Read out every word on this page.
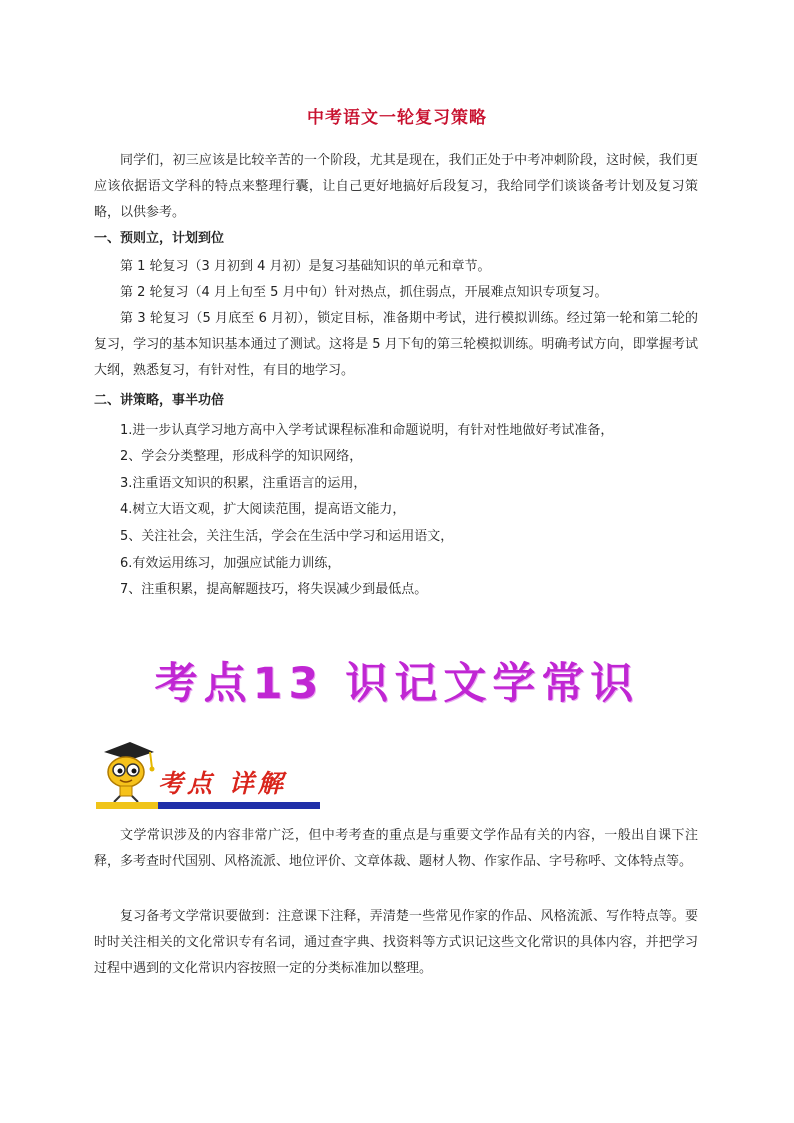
中考语文一轮复习策略

同学们，初三应该是比较辛苦的一个阶段，尤其是现在，我们正处于中考冲刺阶段，这时候，我们更应该依据语文学科的特点来整理行囊，让自己更好地搞好后段复习，我给同学们谈谈备考计划及复习策略，以供参考。

一、预则立，计划到位

第 1 轮复习（3 月初到 4 月初）是复习基础知识的单元和章节。

第 2 轮复习（4 月上旬至 5 月中旬）针对热点，抓住弱点，开展难点知识专项复习。

第 3 轮复习（5 月底至 6 月初），锁定目标，准备期中考试，进行模拟训练。经过第一轮和第二轮的复习，学习的基本知识基本通过了测试。这将是 5 月下旬的第三轮模拟训练。明确考试方向，即掌握考试大纲，熟悉复习，有针对性，有目的地学习。

二、讲策略，事半功倍

1.进一步认真学习地方高中入学考试课程标准和命题说明，有针对性地做好考试准备，

2、学会分类整理，形成科学的知识网络，

3.注重语文知识的积累，注重语言的运用，

4.树立大语文观，扩大阅读范围，提高语文能力，

5、关注社会，关注生活，学会在生活中学习和运用语文，

6.有效运用练习，加强应试能力训练，

7、注重积累，提高解题技巧，将失误减少到最低点。

考点13 识记文学常识
考点 详解

文学常识涉及的内容非常广泛，但中考考查的重点是与重要文学作品有关的内容，一般出自课下注释，多考查时代国别、风格流派、地位评价、文章体裁、题材人物、作家作品、字号称呼、文体特点等。

复习备考文学常识要做到：注意课下注释，弄清楚一些常见作家的作品、风格流派、写作特点等。要时时关注相关的文化常识专有名词，通过查字典、找资料等方式识记这些文化常识的具体内容，并把学习过程中遇到的文化常识内容按照一定的分类标准加以整理。
